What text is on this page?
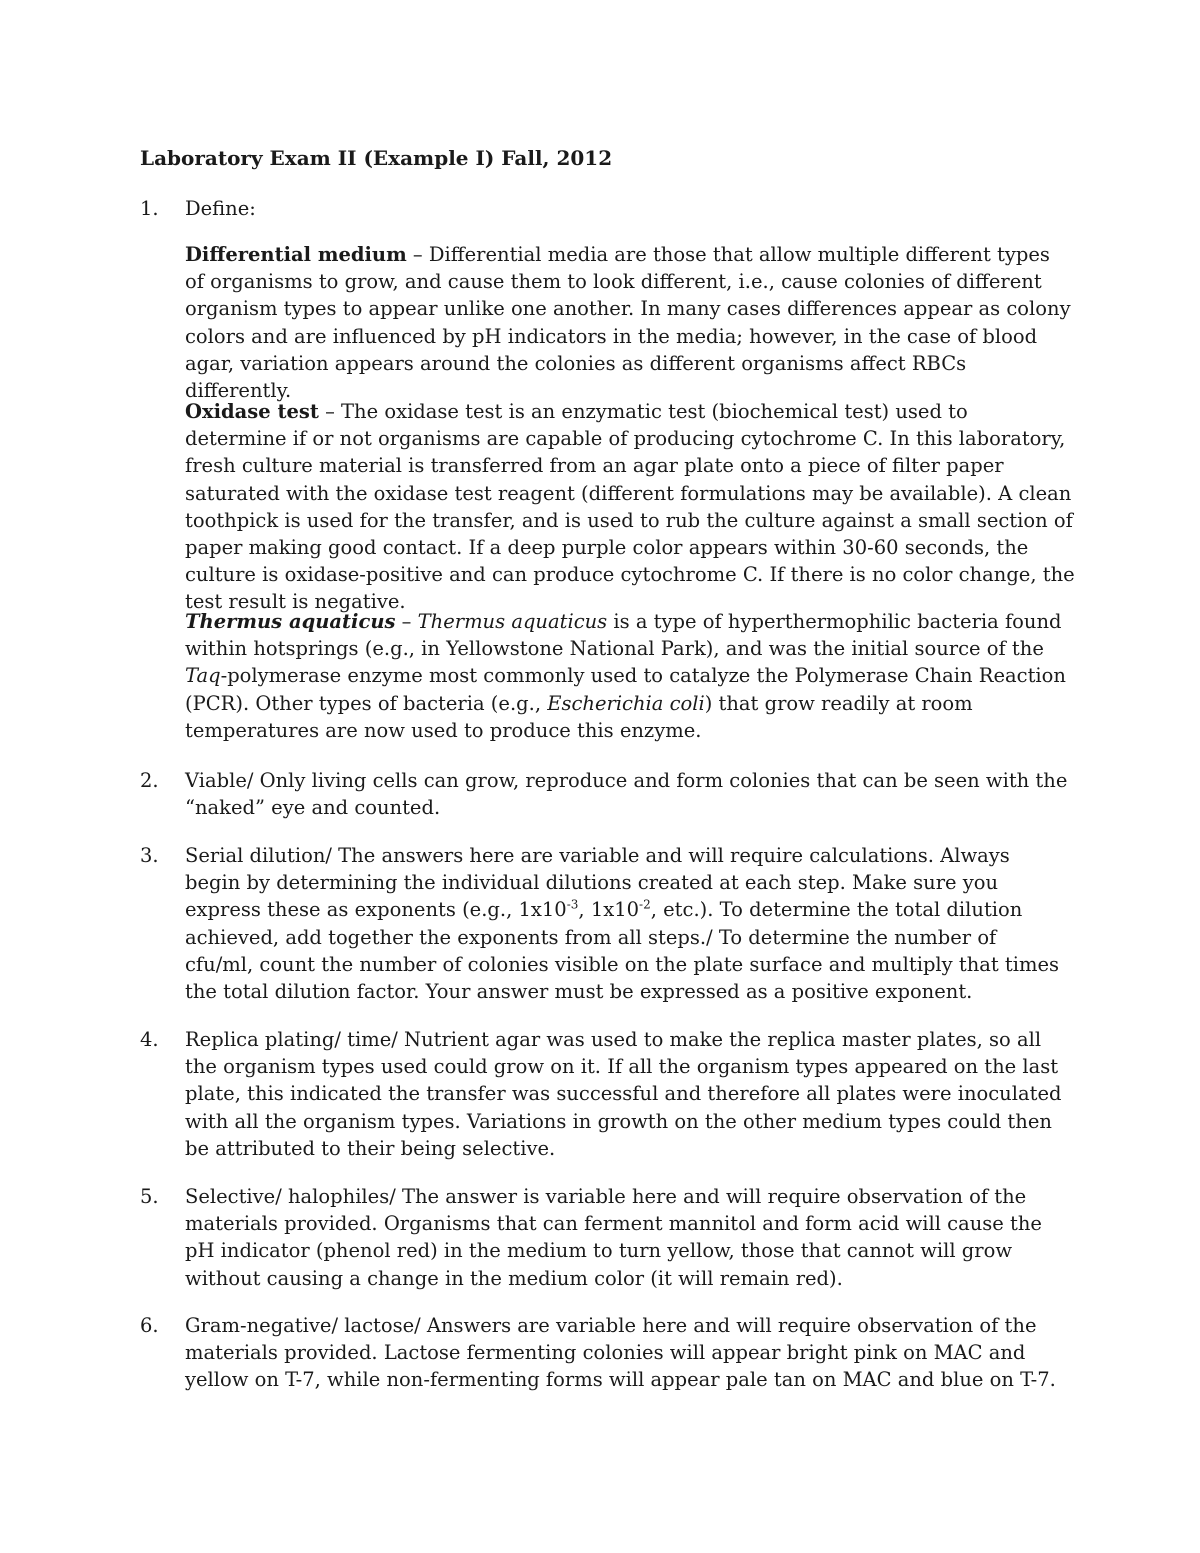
Laboratory Exam II (Example I) Fall, 2012
1. Define:

Differential medium – Differential media are those that allow multiple different types of organisms to grow, and cause them to look different, i.e., cause colonies of different organism types to appear unlike one another. In many cases differences appear as colony colors and are influenced by pH indicators in the media; however, in the case of blood agar, variation appears around the colonies as different organisms affect RBCs differently.

Oxidase test – The oxidase test is an enzymatic test (biochemical test) used to determine if or not organisms are capable of producing cytochrome C. In this laboratory, fresh culture material is transferred from an agar plate onto a piece of filter paper saturated with the oxidase test reagent (different formulations may be available). A clean toothpick is used for the transfer, and is used to rub the culture against a small section of paper making good contact. If a deep purple color appears within 30-60 seconds, the culture is oxidase-positive and can produce cytochrome C. If there is no color change, the test result is negative.

Thermus aquaticus – Thermus aquaticus is a type of hyperthermophilic bacteria found within hotsprings (e.g., in Yellowstone National Park), and was the initial source of the Taq-polymerase enzyme most commonly used to catalyze the Polymerase Chain Reaction (PCR). Other types of bacteria (e.g., Escherichia coli) that grow readily at room temperatures are now used to produce this enzyme.

2. Viable/ Only living cells can grow, reproduce and form colonies that can be seen with the “naked” eye and counted.

3. Serial dilution/ The answers here are variable and will require calculations. Always begin by determining the individual dilutions created at each step. Make sure you express these as exponents (e.g., $1x10^{-3}$, $1x10^{-2}$, etc.). To determine the total dilution achieved, add together the exponents from all steps./ To determine the number of cfu/ml, count the number of colonies visible on the plate surface and multiply that times the total dilution factor. Your answer must be expressed as a positive exponent.

4. Replica plating/ time/ Nutrient agar was used to make the replica master plates, so all the organism types used could grow on it. If all the organism types appeared on the last plate, this indicated the transfer was successful and therefore all plates were inoculated with all the organism types. Variations in growth on the other medium types could then be attributed to their being selective.

5. Selective/ halophiles/ The answer is variable here and will require observation of the materials provided. Organisms that can ferment mannitol and form acid will cause the pH indicator (phenol red) in the medium to turn yellow, those that cannot will grow without causing a change in the medium color (it will remain red).

6. Gram-negative/ lactose/ Answers are variable here and will require observation of the materials provided. Lactose fermenting colonies will appear bright pink on MAC and yellow on T-7, while non-fermenting forms will appear pale tan on MAC and blue on T-7.
